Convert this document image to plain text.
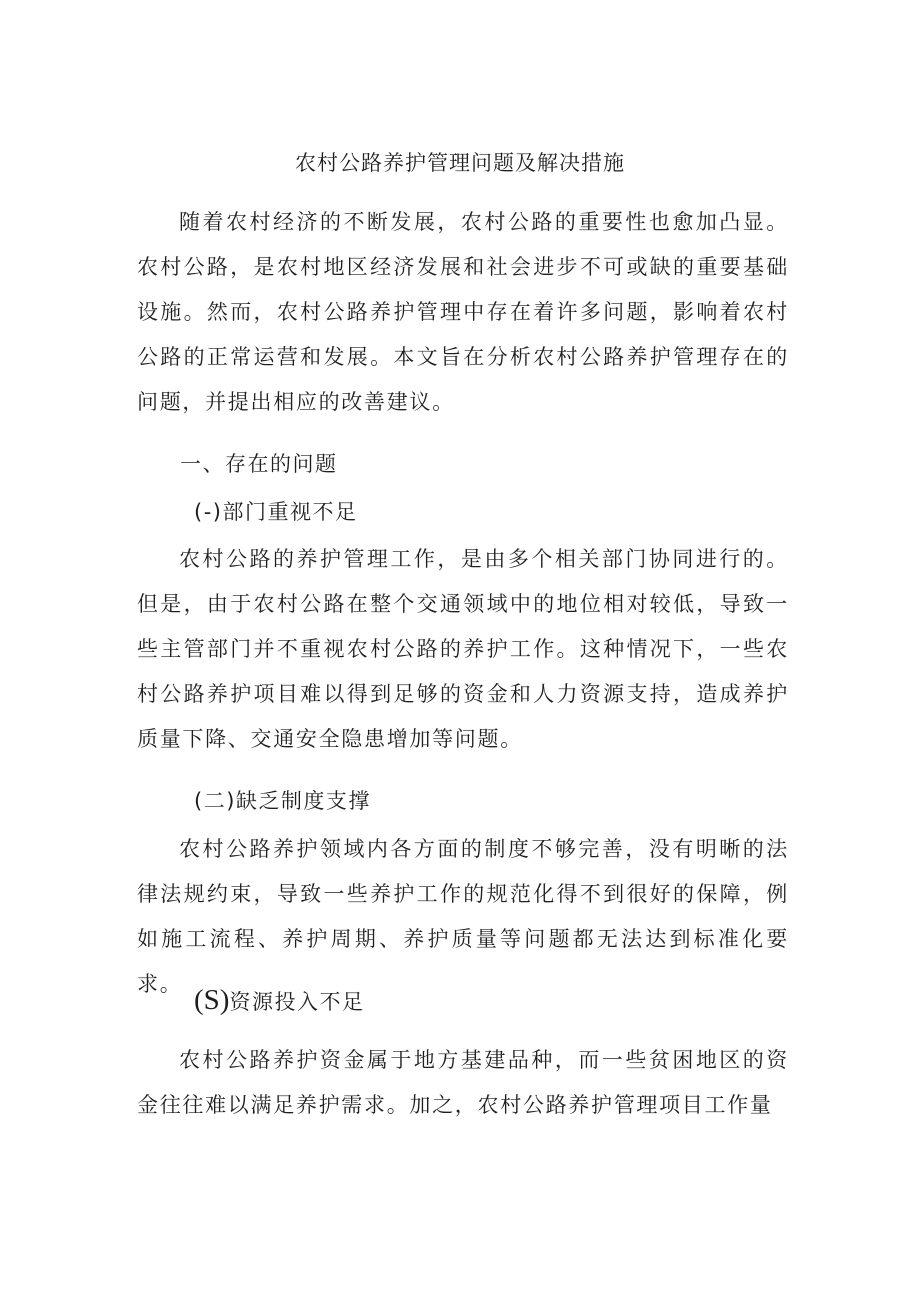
农村公路养护管理问题及解决措施

随着农村经济的不断发展，农村公路的重要性也愈加凸显。农村公路，是农村地区经济发展和社会进步不可或缺的重要基础设施。然而，农村公路养护管理中存在着许多问题，影响着农村公路的正常运营和发展。本文旨在分析农村公路养护管理存在的问题，并提出相应的改善建议。

一、存在的问题

(-)部门重视不足

农村公路的养护管理工作，是由多个相关部门协同进行的。但是，由于农村公路在整个交通领域中的地位相对较低，导致一些主管部门并不重视农村公路的养护工作。这种情况下，一些农村公路养护项目难以得到足够的资金和人力资源支持，造成养护质量下降、交通安全隐患增加等问题。

(二)缺乏制度支撑

农村公路养护领域内各方面的制度不够完善，没有明晰的法律法规约束，导致一些养护工作的规范化得不到很好的保障，例如施工流程、养护周期、养护质量等问题都无法达到标准化要求。 (S)资源投入不足

农村公路养护资金属于地方基建品种，而一些贫困地区的资金往往难以满足养护需求。加之，农村公路养护管理项目工作量
